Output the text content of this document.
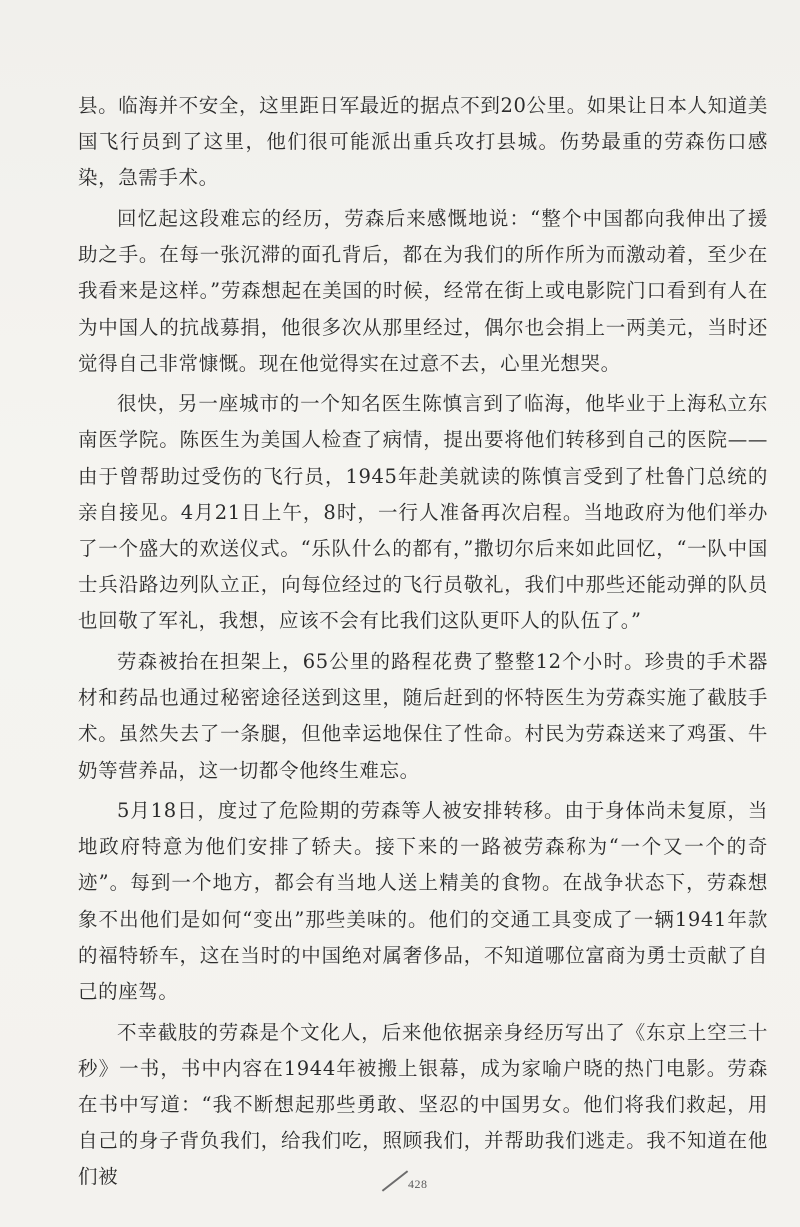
县。临海并不安全，这里距日军最近的据点不到20公里。如果让日本人知道美国飞行员到了这里，他们很可能派出重兵攻打县城。伤势最重的劳森伤口感染，急需手术。

回忆起这段难忘的经历，劳森后来感慨地说：“整个中国都向我伸出了援助之手。在每一张沉滞的面孔背后，都在为我们的所作所为而激动着，至少在我看来是这样。”劳森想起在美国的时候，经常在街上或电影院门口看到有人在为中国人的抗战募捐，他很多次从那里经过，偶尔也会捐上一两美元，当时还觉得自己非常慷慨。现在他觉得实在过意不去，心里光想哭。

很快，另一座城市的一个知名医生陈慎言到了临海，他毕业于上海私立东南医学院。陈医生为美国人检查了病情，提出要将他们转移到自己的医院——由于曾帮助过受伤的飞行员，1945年赴美就读的陈慎言受到了杜鲁门总统的亲自接见。4月21日上午，8时，一行人准备再次启程。当地政府为他们举办了一个盛大的欢送仪式。“乐队什么的都有，”撒切尔后来如此回忆，“一队中国士兵沿路边列队立正，向每位经过的飞行员敬礼，我们中那些还能动弹的队员也回敬了军礼，我想，应该不会有比我们这队更吓人的队伍了。”

劳森被抬在担架上，65公里的路程花费了整整12个小时。珍贵的手术器材和药品也通过秘密途径送到这里，随后赶到的怀特医生为劳森实施了截肢手术。虽然失去了一条腿，但他幸运地保住了性命。村民为劳森送来了鸡蛋、牛奶等营养品，这一切都令他终生难忘。

5月18日，度过了危险期的劳森等人被安排转移。由于身体尚未复原，当地政府特意为他们安排了轿夫。接下来的一路被劳森称为“一个又一个的奇迹”。每到一个地方，都会有当地人送上精美的食物。在战争状态下，劳森想象不出他们是如何“变出”那些美味的。他们的交通工具变成了一辆1941年款的福特轿车，这在当时的中国绝对属奢侈品，不知道哪位富商为勇士贡献了自己的座驾。

不幸截肢的劳森是个文化人，后来他依据亲身经历写出了《东京上空三十秒》一书，书中内容在1944年被搬上银幕，成为家喻户晓的热门电影。劳森在书中写道：“我不断想起那些勇敢、坚忍的中国男女。他们将我们救起，用自己的身子背负我们，给我们吃，照顾我们，并帮助我们逃走。我不知道在他们被	428
